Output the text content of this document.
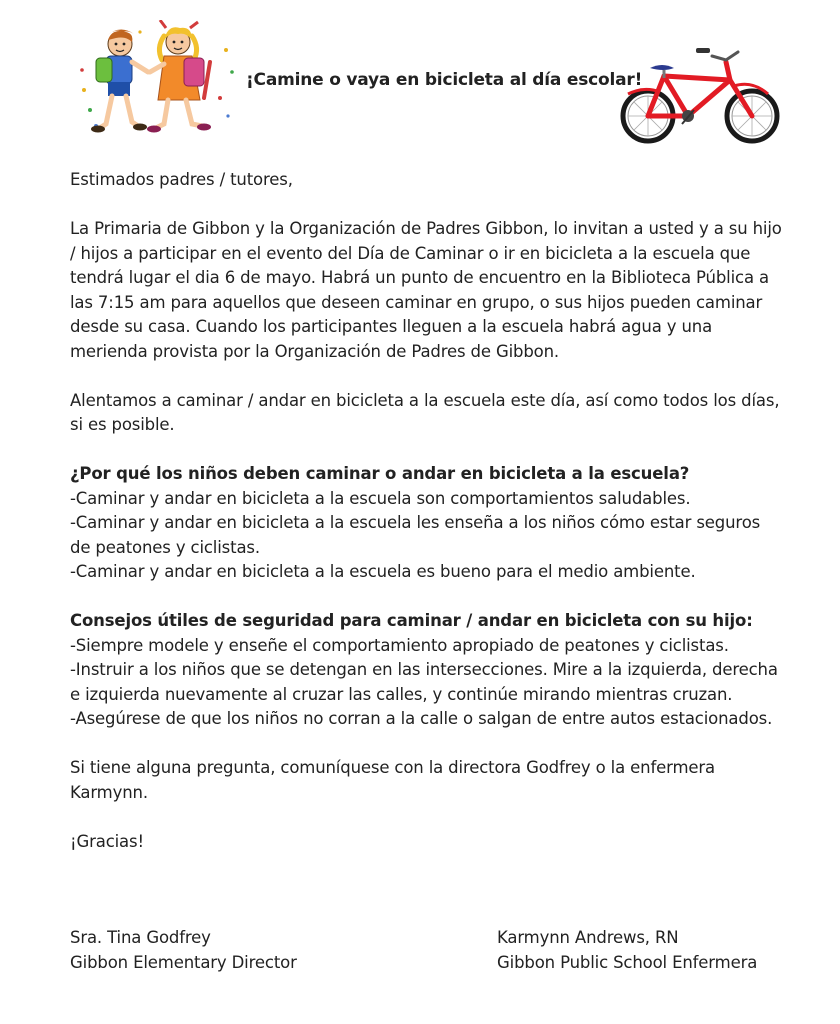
¡Camine o vaya en bicicleta al día escolar!

Estimados padres / tutores,

La Primaria de Gibbon y la Organización de Padres Gibbon, lo invitan a usted y a su hijo
/ hijos a participar en el evento del Día de Caminar o ir en bicicleta a la escuela que
tendrá lugar el dia 6 de mayo. Habrá un punto de encuentro en la Biblioteca Pública a
las 7:15 am para aquellos que deseen caminar en grupo, o sus hijos pueden caminar
desde su casa. Cuando los participantes lleguen a la escuela habrá agua y una
merienda provista por la Organización de Padres de Gibbon.

Alentamos a caminar / andar en bicicleta a la escuela este día, así como todos los días,
si es posible.

¿Por qué los niños deben caminar o andar en bicicleta a la escuela?
-Caminar y andar en bicicleta a la escuela son comportamientos saludables.
-Caminar y andar en bicicleta a la escuela les enseña a los niños cómo estar seguros
de peatones y ciclistas.
-Caminar y andar en bicicleta a la escuela es bueno para el medio ambiente.

Consejos útiles de seguridad para caminar / andar en bicicleta con su hijo:
-Siempre modele y enseñe el comportamiento apropiado de peatones y ciclistas.
-Instruir a los niños que se detengan en las intersecciones. Mire a la izquierda, derecha
e izquierda nuevamente al cruzar las calles, y continúe mirando mientras cruzan.
-Asegúrese de que los niños no corran a la calle o salgan de entre autos estacionados.

Si tiene alguna pregunta, comuníquese con la directora Godfrey o la enfermera
Karmynn.

¡Gracias!

Sra. Tina Godfrey
Gibbon Elementary Director
Karmynn Andrews, RN
Gibbon Public School Enfermera
